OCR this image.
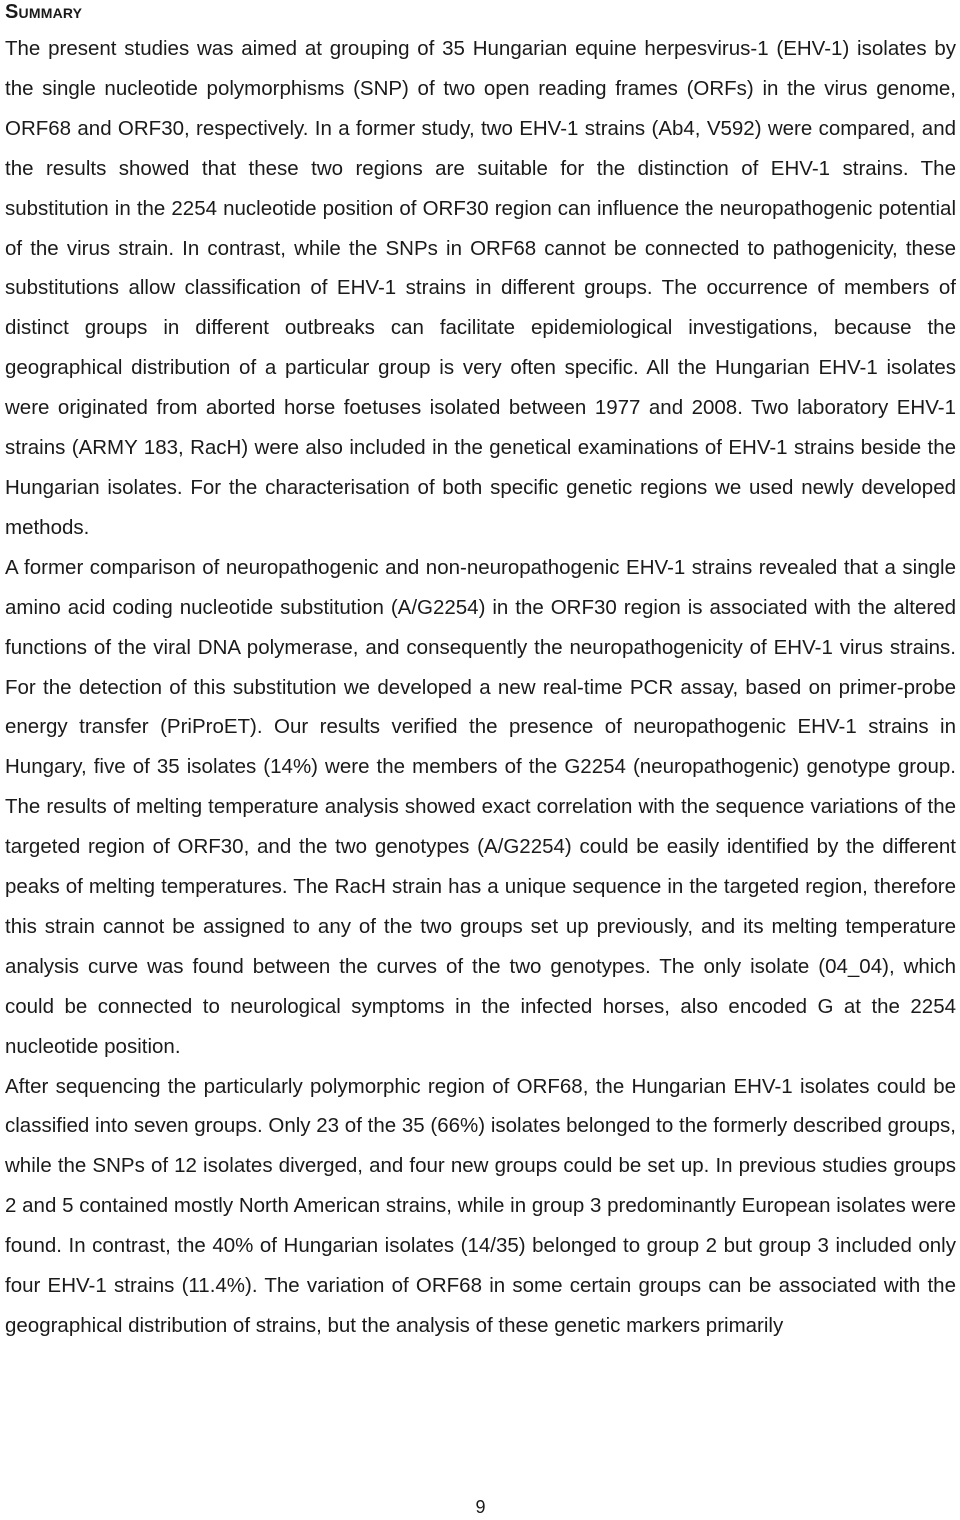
Summary

The present studies was aimed at grouping of 35 Hungarian equine herpesvirus-1 (EHV-1) isolates by the single nucleotide polymorphisms (SNP) of two open reading frames (ORFs) in the virus genome, ORF68 and ORF30, respectively. In a former study, two EHV-1 strains (Ab4, V592) were compared, and the results showed that these two regions are suitable for the distinction of EHV-1 strains. The substitution in the 2254 nucleotide position of ORF30 region can influence the neuropathogenic potential of the virus strain. In contrast, while the SNPs in ORF68 cannot be connected to pathogenicity, these substitutions allow classification of EHV-1 strains in different groups. The occurrence of members of distinct groups in different outbreaks can facilitate epidemiological investigations, because the geographical distribution of a particular group is very often specific. All the Hungarian EHV-1 isolates were originated from aborted horse foetuses isolated between 1977 and 2008. Two laboratory EHV-1 strains (ARMY 183, RacH) were also included in the genetical examinations of EHV-1 strains beside the Hungarian isolates. For the characterisation of both specific genetic regions we used newly developed methods.

A former comparison of neuropathogenic and non-neuropathogenic EHV-1 strains revealed that a single amino acid coding nucleotide substitution (A/G2254) in the ORF30 region is associated with the altered functions of the viral DNA polymerase, and consequently the neuropathogenicity of EHV-1 virus strains. For the detection of this substitution we developed a new real-time PCR assay, based on primer-probe energy transfer (PriProET). Our results verified the presence of neuropathogenic EHV-1 strains in Hungary, five of 35 isolates (14%) were the members of the G2254 (neuropathogenic) genotype group. The results of melting temperature analysis showed exact correlation with the sequence variations of the targeted region of ORF30, and the two genotypes (A/G2254) could be easily identified by the different peaks of melting temperatures. The RacH strain has a unique sequence in the targeted region, therefore this strain cannot be assigned to any of the two groups set up previously, and its melting temperature analysis curve was found between the curves of the two genotypes. The only isolate (04_04), which could be connected to neurological symptoms in the infected horses, also encoded G at the 2254 nucleotide position.

After sequencing the particularly polymorphic region of ORF68, the Hungarian EHV-1 isolates could be classified into seven groups. Only 23 of the 35 (66%) isolates belonged to the formerly described groups, while the SNPs of 12 isolates diverged, and four new groups could be set up. In previous studies groups 2 and 5 contained mostly North American strains, while in group 3 predominantly European isolates were found. In contrast, the 40% of Hungarian isolates (14/35) belonged to group 2 but group 3 included only four EHV-1 strains (11.4%). The variation of ORF68 in some certain groups can be associated with the geographical distribution of strains, but the analysis of these genetic markers primarily

9
